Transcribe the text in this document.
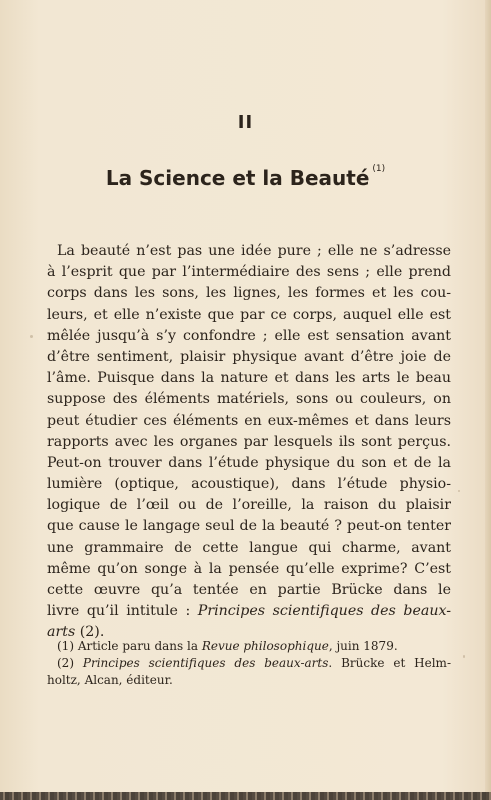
II
La Science et la Beauté $^{(1)}$
La beauté n’est pas une idée pure ; elle ne s’adresse
à l’esprit que par l’intermédiaire des sens ; elle prend
corps dans les sons, les lignes, les formes et les cou-
leurs, et elle n’existe que par ce corps, auquel elle est
mêlée jusqu’à s’y confondre ; elle est sensation avant
d’être sentiment, plaisir physique avant d’être joie de
l’âme. Puisque dans la nature et dans les arts le beau
suppose des éléments matériels, sons ou couleurs, on
peut étudier ces éléments en eux-mêmes et dans leurs
rapports avec les organes par lesquels ils sont perçus.
Peut-on trouver dans l’étude physique du son et de la
lumière (optique, acoustique), dans l’étude physio-
logique de l’œil ou de l’oreille, la raison du plaisir
que cause le langage seul de la beauté ? peut-on tenter
une grammaire de cette langue qui charme, avant
même qu’on songe à la pensée qu’elle exprime? C’est
cette œuvre qu’a tentée en partie Brücke dans le
livre qu’il intitule : Principes scientifiques des beaux-
arts (2).
(1) Article paru dans la Revue philosophique, juin 1879.
(2) Principes scientifiques des beaux-arts. Brücke et Helm-
holtz, Alcan, éditeur.
